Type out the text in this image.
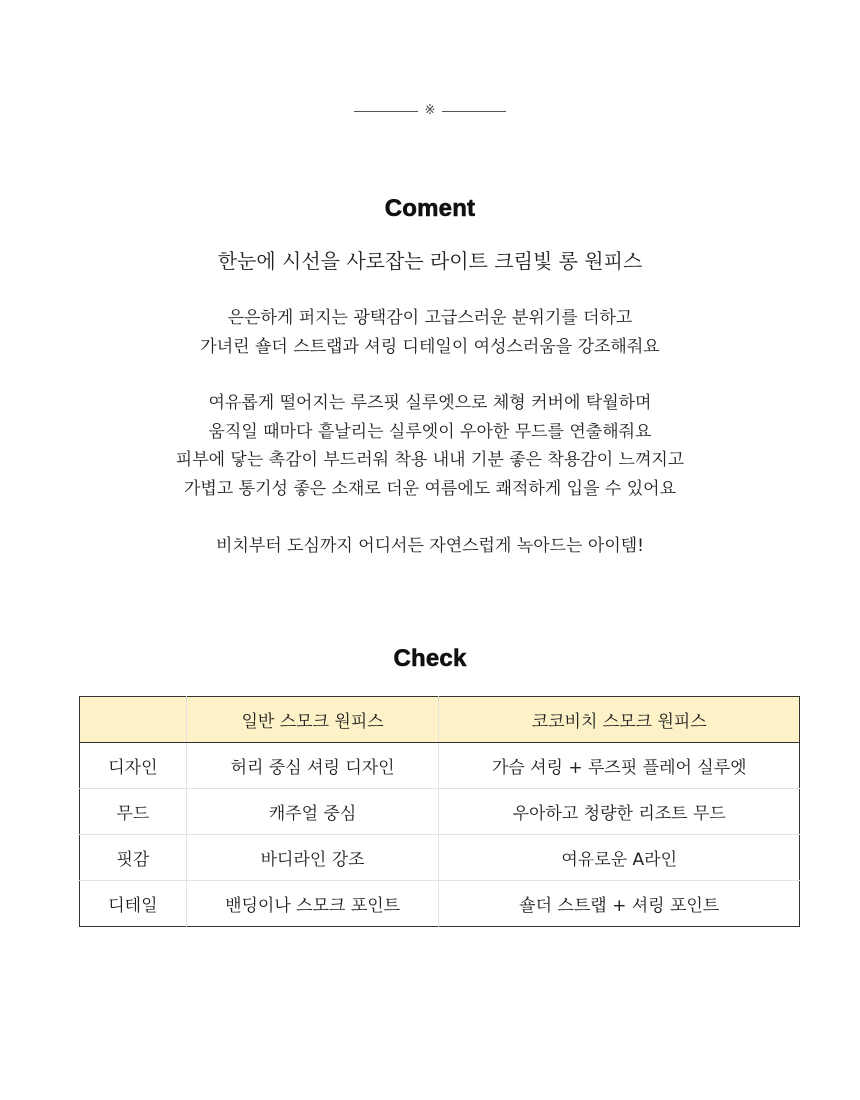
※
Coment
한눈에 시선을 사로잡는 라이트 크림빛 롱 원피스
은은하게 퍼지는 광택감이 고급스러운 분위기를 더하고
가녀린 숄더 스트랩과 셔링 디테일이 여성스러움을 강조해줘요
여유롭게 떨어지는 루즈핏 실루엣으로 체형 커버에 탁월하며
움직일 때마다 흩날리는 실루엣이 우아한 무드를 연출해줘요
피부에 닿는 촉감이 부드러워 착용 내내 기분 좋은 착용감이 느껴지고
가볍고 통기성 좋은 소재로 더운 여름에도 쾌적하게 입을 수 있어요
비치부터 도심까지 어디서든 자연스럽게 녹아드는 아이템!
Check
	일반 스모크 원피스	코코비치 스모크 원피스
디자인	허리 중심 셔링 디자인	가슴 셔링 + 루즈핏 플레어 실루엣
무드	캐주얼 중심	우아하고 청량한 리조트 무드
핏감	바디라인 강조	여유로운 A라인
디테일	밴딩이나 스모크 포인트	숄더 스트랩 + 셔링 포인트
